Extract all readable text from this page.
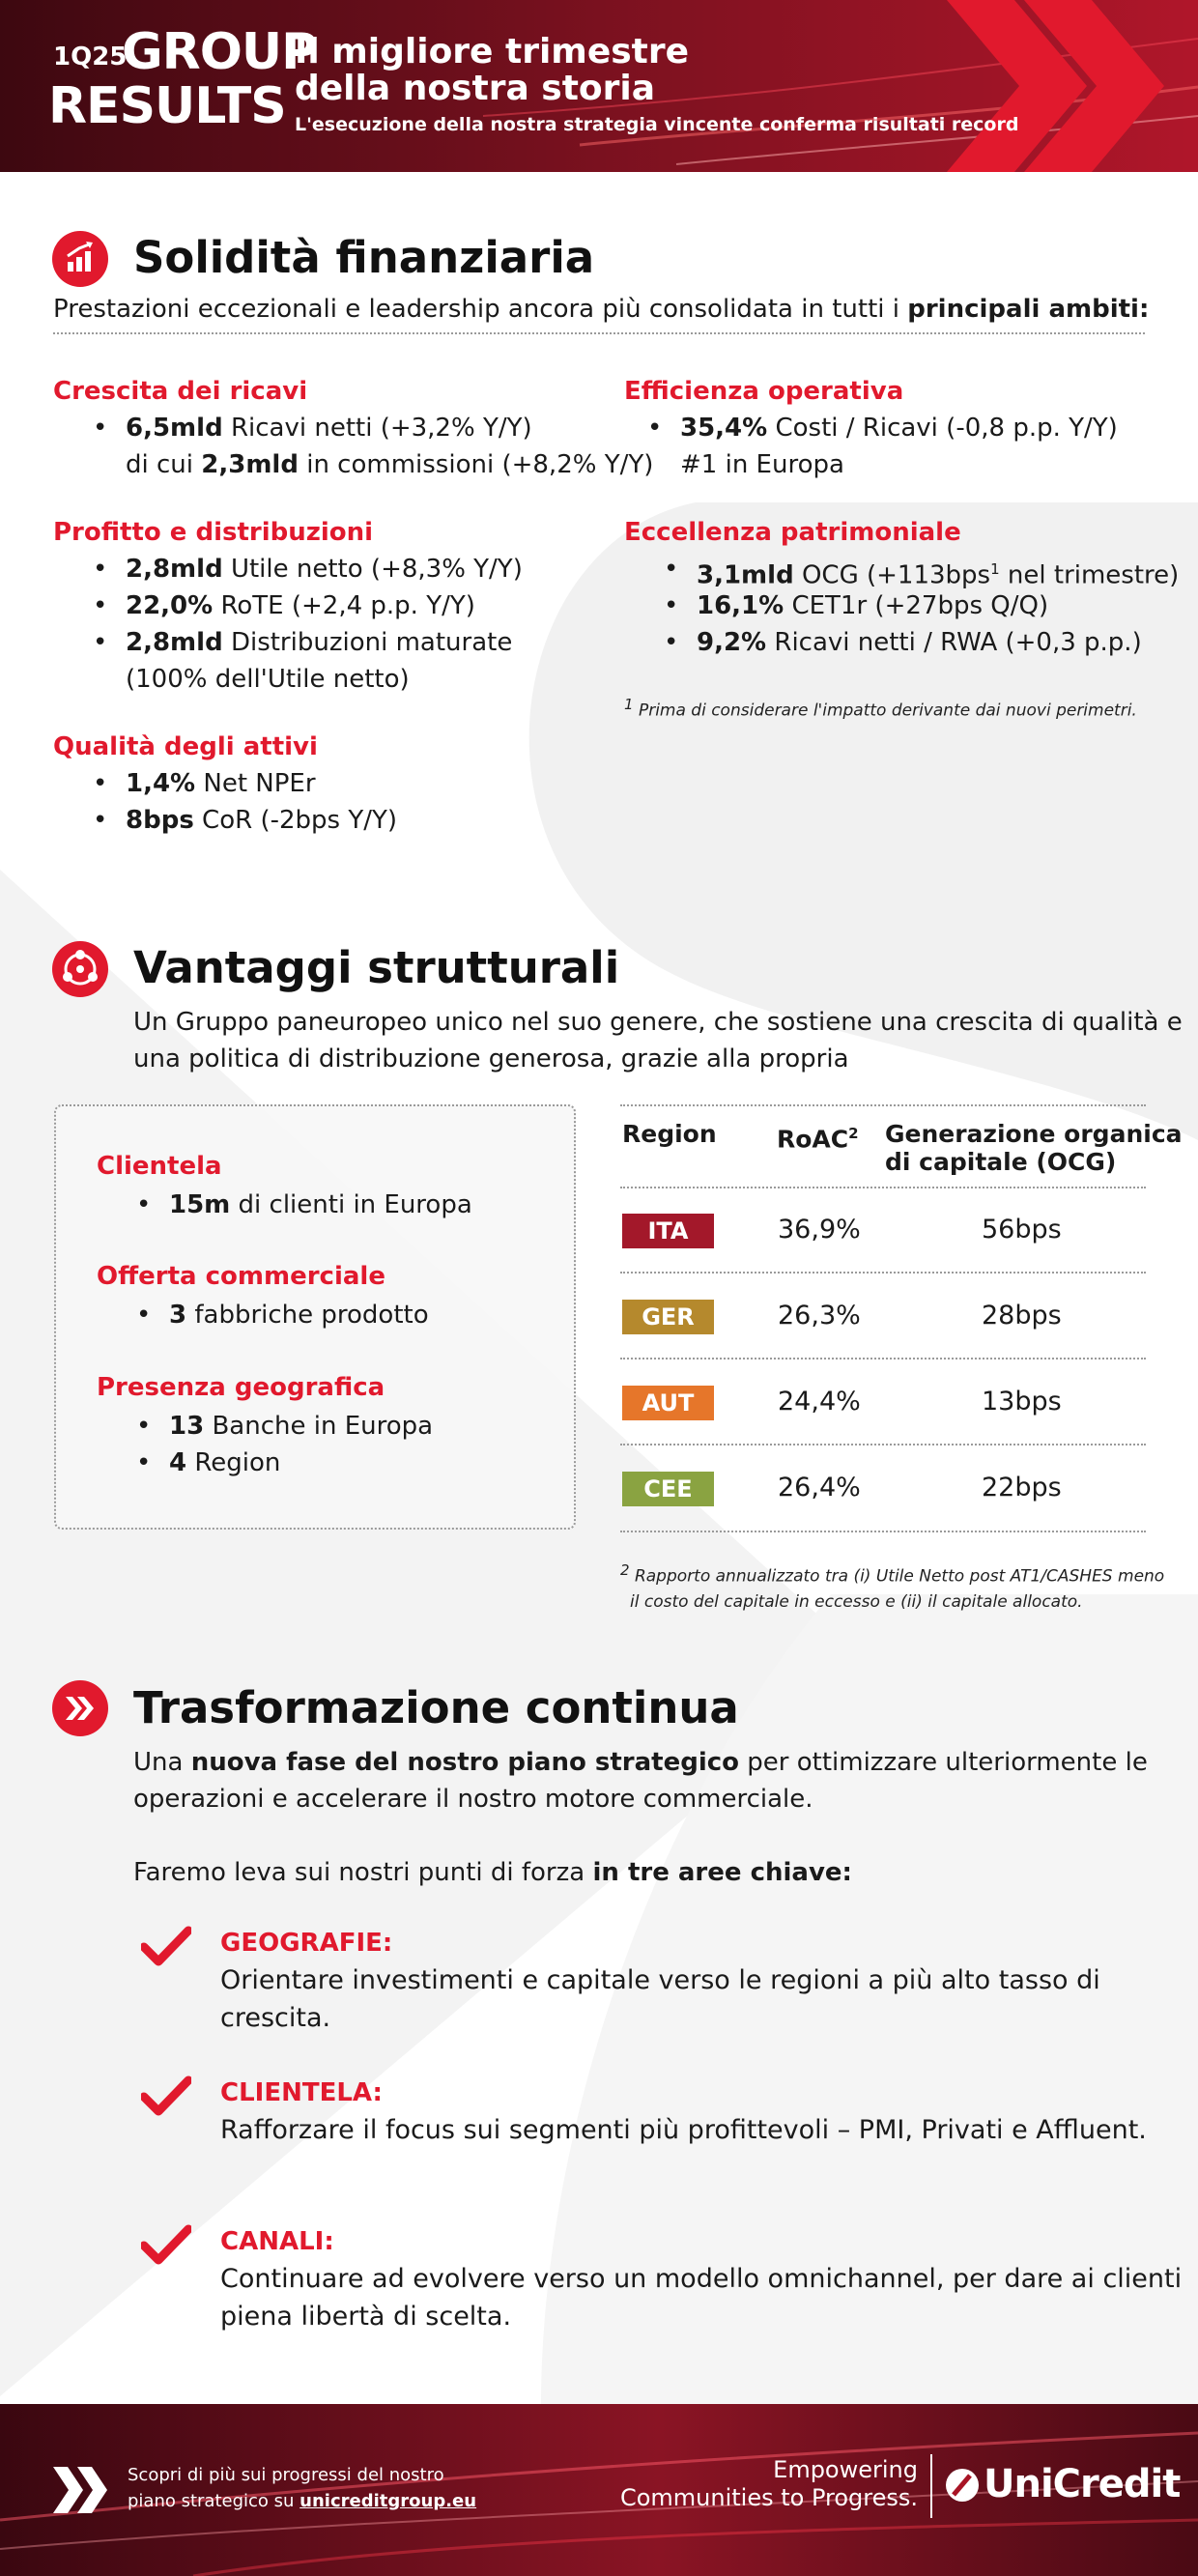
1Q25
GROUP
RESULTS
Il migliore trimestre
della nostra storia
L'esecuzione della nostra strategia vincente conferma risultati record
Solidità finanziaria
Prestazioni eccezionali e leadership ancora più consolidata in tutti i principali ambiti:
Crescita dei ricavi
• 6,5mld Ricavi netti (+3,2% Y/Y)
di cui 2,3mld in commissioni (+8,2% Y/Y)
Profitto e distribuzioni
• 2,8mld Utile netto (+8,3% Y/Y)
• 22,0% RoTE (+2,4 p.p. Y/Y)
• 2,8mld Distribuzioni maturate
(100% dell'Utile netto)
Qualità degli attivi
• 1,4% Net NPEr
• 8bps CoR (-2bps Y/Y)
Efficienza operativa
• 35,4% Costi / Ricavi (-0,8 p.p. Y/Y)
#1 in Europa
Eccellenza patrimoniale
• 3,1mld OCG (+113bps$^1$ nel trimestre)
• 16,1% CET1r (+27bps Q/Q)
• 9,2% Ricavi netti / RWA (+0,3 p.p.)
$^1$ Prima di considerare l'impatto derivante dai nuovi perimetri.
Vantaggi strutturali
Un Gruppo paneuropeo unico nel suo genere, che sostiene una crescita di qualità e
una politica di distribuzione generosa, grazie alla propria
Clientela
• 15m di clienti in Europa
Offerta commerciale
• 3 fabbriche prodotto
Presenza geografica
• 13 Banche in Europa
• 4 Region
Region RoAC$^2$ Generazione organica
di capitale (OCG)
ITA	36,9%	56bps
GER	26,3%	28bps
AUT	24,4%	13bps
CEE	26,4%	22bps
$^2$ Rapporto annualizzato tra (i) Utile Netto post AT1/CASHES meno
il costo del capitale in eccesso e (ii) il capitale allocato.
Trasformazione continua
Una nuova fase del nostro piano strategico per ottimizzare ulteriormente le
operazioni e accelerare il nostro motore commerciale.
Faremo leva sui nostri punti di forza in tre aree chiave:
GEOGRAFIE:
Orientare investimenti e capitale verso le regioni a più alto tasso di crescita.
CLIENTELA:
Rafforzare il focus sui segmenti più profittevoli – PMI, Privati e Affluent.
CANALI:
Continuare ad evolvere verso un modello omnichannel, per dare ai clienti
piena libertà di scelta.
Scopri di più sui progressi del nostro
piano strategico su unicreditgroup.eu
Empowering
Communities to Progress. UniCredit
